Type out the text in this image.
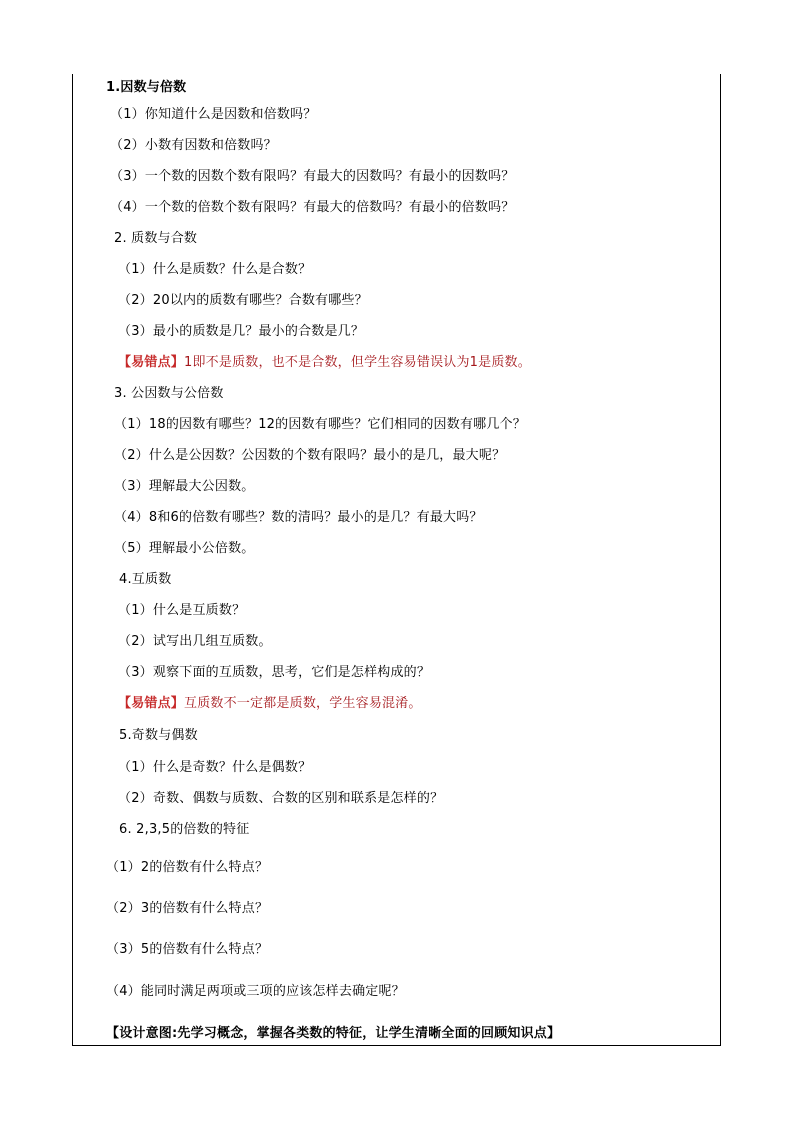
1.因数与倍数
（1）你知道什么是因数和倍数吗？
（2）小数有因数和倍数吗？
（3）一个数的因数个数有限吗？有最大的因数吗？有最小的因数吗？
（4）一个数的倍数个数有限吗？有最大的倍数吗？有最小的倍数吗？
2. 质数与合数
（1）什么是质数？什么是合数？
（2）20以内的质数有哪些？合数有哪些？
（3）最小的质数是几？最小的合数是几？
【易错点】1即不是质数，也不是合数，但学生容易错误认为1是质数。
3. 公因数与公倍数
（1）18的因数有哪些？12的因数有哪些？它们相同的因数有哪几个？
（2）什么是公因数？公因数的个数有限吗？最小的是几，最大呢？
（3）理解最大公因数。
（4）8和6的倍数有哪些？数的清吗？最小的是几？有最大吗？
（5）理解最小公倍数。
4.互质数
（1）什么是互质数？
（2）试写出几组互质数。
（3）观察下面的互质数，思考，它们是怎样构成的？
【易错点】互质数不一定都是质数，学生容易混淆。
5.奇数与偶数
（1）什么是奇数？什么是偶数？
（2）奇数、偶数与质数、合数的区别和联系是怎样的？
6. 2,3,5的倍数的特征
（1）2的倍数有什么特点？
（2）3的倍数有什么特点？
（3）5的倍数有什么特点？
（4）能同时满足两项或三项的应该怎样去确定呢？
【设计意图:先学习概念，掌握各类数的特征，让学生清晰全面的回顾知识点】
